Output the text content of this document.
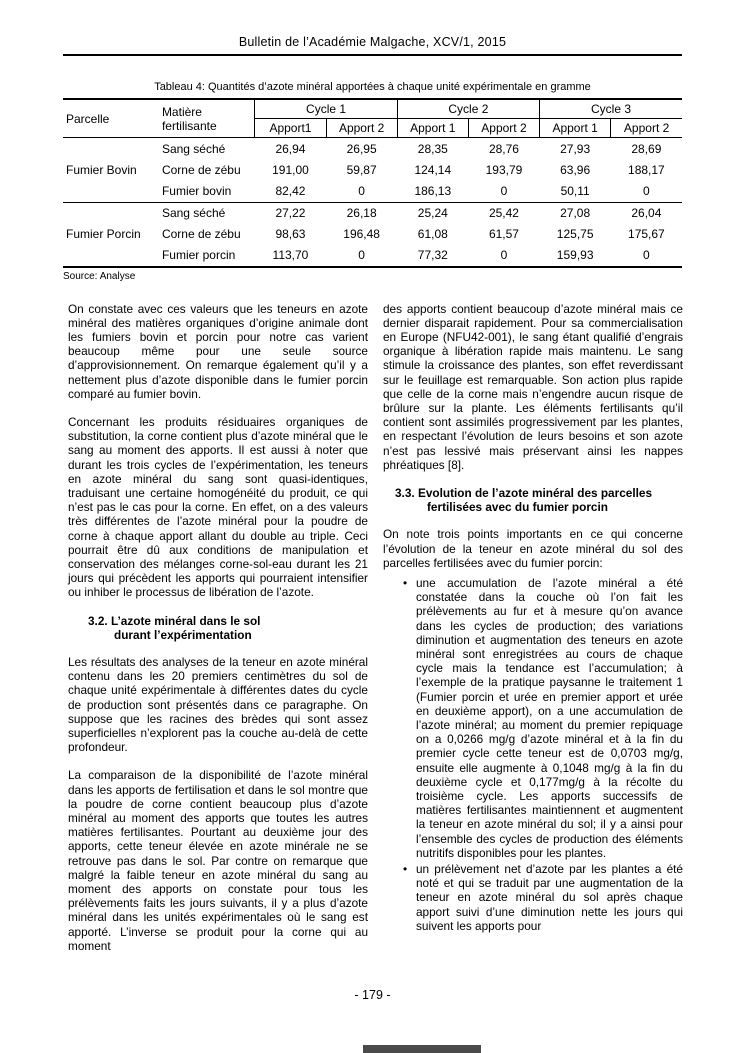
Bulletin de l’Académie Malgache, XCV/1, 2015
Tableau 4: Quantités d’azote minéral apportées à chaque unité expérimentale en gramme
Parcelle	Matière fertilisante	Cycle 1		Cycle 2		Cycle 3	
		Apport1	Apport 2	Apport 1	Apport 2	Apport 1	Apport 2
Fumier Bovin	Sang séché	26,94	26,95	28,35	28,76	27,93	28,69
	Corne de zébu	191,00	59,87	124,14	193,79	63,96	188,17
	Fumier bovin	82,42	0	186,13	0	50,11	0
Fumier Porcin	Sang séché	27,22	26,18	25,24	25,42	27,08	26,04
	Corne de zébu	98,63	196,48	61,08	61,57	125,75	175,67
	Fumier porcin	113,70	0	77,32	0	159,93	0
Source: Analyse

On constate avec ces valeurs que les teneurs en azote minéral des matières organiques d’origine animale dont les fumiers bovin et porcin pour notre cas varient beaucoup même pour une seule source d’approvisionnement. On remarque également qu’il y a nettement plus d’azote disponible dans le fumier porcin comparé au fumier bovin.

Concernant les produits résiduaires organiques de substitution, la corne contient plus d’azote minéral que le sang au moment des apports. Il est aussi à noter que durant les trois cycles de l’expérimentation, les teneurs en azote minéral du sang sont quasi-identiques, traduisant une certaine homogénéité du produit, ce qui n’est pas le cas pour la corne. En effet, on a des valeurs très différentes de l’azote minéral pour la poudre de corne à chaque apport allant du double au triple. Ceci pourrait être dû aux conditions de manipulation et conservation des mélanges corne-sol-eau durant les 21 jours qui précèdent les apports qui pourraient intensifier ou inhiber le processus de libération de l’azote.

3.2. L’azote minéral dans le sol
durant l’expérimentation

Les résultats des analyses de la teneur en azote minéral contenu dans les 20 premiers centimètres du sol de chaque unité expérimentale à différentes dates du cycle de production sont présentés dans ce paragraphe. On suppose que les racines des brèdes qui sont assez superficielles n’explorent pas la couche au-delà de cette profondeur.

La comparaison de la disponibilité de l’azote minéral dans les apports de fertilisation et dans le sol montre que la poudre de corne contient beaucoup plus d’azote minéral au moment des apports que toutes les autres matières fertilisantes. Pourtant au deuxième jour des apports, cette teneur élevée en azote minérale ne se retrouve pas dans le sol. Par contre on remarque que malgré la faible teneur en azote minéral du sang au moment des apports on constate pour tous les prélèvements faits les jours suivants, il y a plus d’azote minéral dans les unités expérimentales où le sang est apporté. L’inverse se produit pour la corne qui au moment

des apports contient beaucoup d’azote minéral mais ce dernier disparait rapidement. Pour sa commercialisation en Europe (NFU42-001), le sang étant qualifié d’engrais organique à libération rapide mais maintenu. Le sang stimule la croissance des plantes, son effet reverdissant sur le feuillage est remarquable. Son action plus rapide que celle de la corne mais n’engendre aucun risque de brûlure sur la plante. Les éléments fertilisants qu’il contient sont assimilés progressivement par les plantes, en respectant l’évolution de leurs besoins et son azote n’est pas lessivé mais préservant ainsi les nappes phréatiques [8].

3.3. Evolution de l’azote minéral des parcelles
fertilisées avec du fumier porcin

On note trois points importants en ce qui concerne l’évolution de la teneur en azote minéral du sol des parcelles fertilisées avec du fumier porcin:

• une accumulation de l’azote minéral a été constatée dans la couche où l’on fait les prélèvements au fur et à mesure qu’on avance dans les cycles de production; des variations diminution et augmentation des teneurs en azote minéral sont enregistrées au cours de chaque cycle mais la tendance est l’accumulation; à l’exemple de la pratique paysanne le traitement 1 (Fumier porcin et urée en premier apport et urée en deuxième apport), on a une accumulation de l’azote minéral; au moment du premier repiquage on a 0,0266 mg/g d’azote minéral et à la fin du premier cycle cette teneur est de 0,0703 mg/g, ensuite elle augmente à 0,1048 mg/g à la fin du deuxième cycle et 0,177mg/g à la récolte du troisième cycle. Les apports successifs de matières fertilisantes maintiennent et augmentent la teneur en azote minéral du sol; il y a ainsi pour l’ensemble des cycles de production des éléments nutritifs disponibles pour les plantes.
• un prélèvement net d’azote par les plantes a été noté et qui se traduit par une augmentation de la teneur en azote minéral du sol après chaque apport suivi d’une diminution nette les jours qui suivent les apports pour
- 179 -
